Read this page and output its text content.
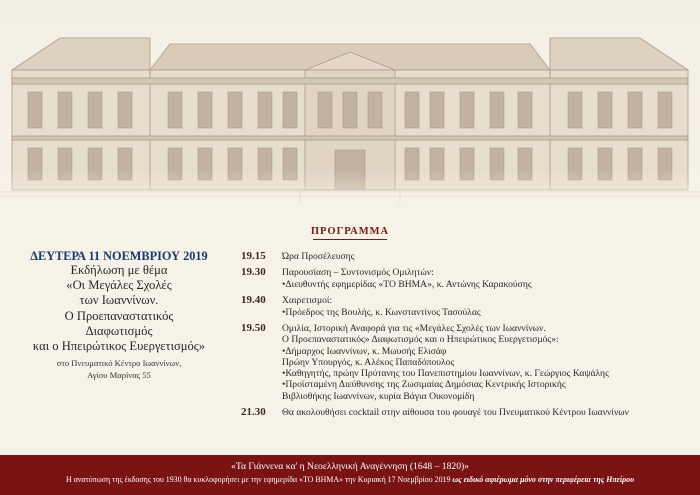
ΠΡΟΓΡΑΜΜΑ
ΔΕΥΤΕΡΑ 11 ΝΟΕΜΒΡΙΟΥ 2019
Εκδήλωση με θέμα
«Οι Μεγάλες Σχολές
των Ιωαννίνων.
Ο Προεπαναστατικός
Διαφωτισμός
και ο Ηπειρώτικος Ευεργετισμός»
στο Πνευματικό Κέντρο Ιωαννίνων,
Αγίου Μαρίνας 55
19.15 Ώρα Προσέλευσης
19.30 Παρουσίαση – Συντονισμός Ομιλητών:
•Διευθυντής εφημερίδας «ΤΟ ΒΗΜΑ», κ. Αντώνης Καρακούσης
19.40 Χαιρετισμοί:
•Πρόεδρος της Βουλής, κ. Κωνσταντίνος Τασούλας
19.50 Ομιλία, Ιστορική Αναφορά για τις «Μεγάλες Σχολές των Ιωαννίνων.
Ο Προεπαναστατικός» Διαφωτισμός και ο Ηπειρώτικος Ευεργετισμός»:
•Δήμαρχος Ιωαννίνων, κ. Μωυσής Ελισάφ
Πρώην Υπουργός, κ. Αλέκος Παπαδόπουλος
•Καθηγητής, πρώην Πρύτανης του Πανεπιστημίου Ιωαννίνων, κ. Γεώργιος Καψάλης
•Προϊσταμένη Διεύθυνσης της Ζωσιμαίας Δημόσιας Κεντρικής Ιστορικής
Βιβλιοθήκης Ιωαννίνων, κυρία Βάγια Οικονομίδη
21.30 Θα ακολουθήσει cocktail στην αίθουσα του φουαγέ του Πνευματικού Κέντρου Ιωαννίνων
«Τα Γιάννενα κα' η Νεοελληνική Αναγέννηση (1648 – 1820)»
Η ανατύπωση της έκδοσης του 1930 θα κυκλοφορήσει με την εφημερίδα «ΤΟ ΒΗΜΑ» την Κυριακή 17 Νοεμβρίου 2019 ως ειδικό αφιέρωμα μόνο στην περιφέρεια της Ηπείρου
